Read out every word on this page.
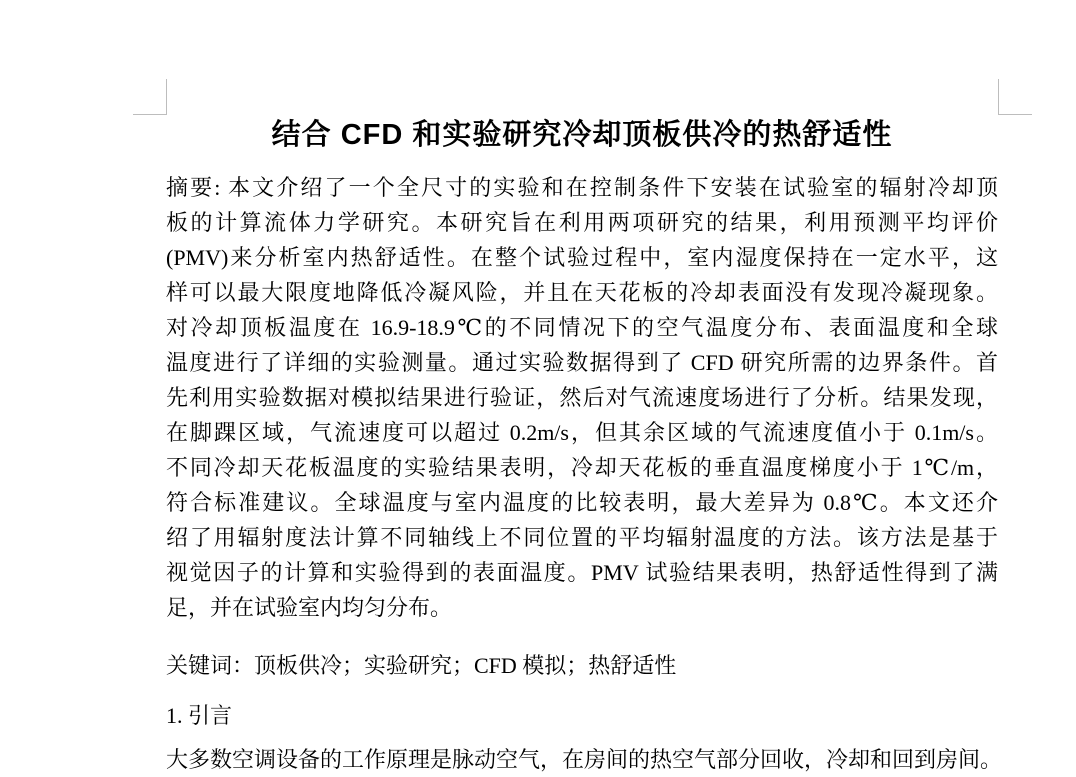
结合 CFD 和实验研究冷却顶板供冷的热舒适性
摘要: 本文介绍了一个全尺寸的实验和在控制条件下安装在试验室的辐射冷却顶
板的计算流体力学研究。本研究旨在利用两项研究的结果，利用预测平均评价
(PMV)来分析室内热舒适性。在整个试验过程中，室内湿度保持在一定水平，这
样可以最大限度地降低冷凝风险，并且在天花板的冷却表面没有发现冷凝现象。
对冷却顶板温度在 16.9-18.9℃的不同情况下的空气温度分布、表面温度和全球
温度进行了详细的实验测量。通过实验数据得到了 CFD 研究所需的边界条件。首
先利用实验数据对模拟结果进行验证，然后对气流速度场进行了分析。结果发现，
在脚踝区域，气流速度可以超过 0.2m/s，但其余区域的气流速度值小于 0.1m/s。
不同冷却天花板温度的实验结果表明，冷却天花板的垂直温度梯度小于 1℃/m，
符合标准建议。全球温度与室内温度的比较表明，最大差异为 0.8℃。本文还介
绍了用辐射度法计算不同轴线上不同位置的平均辐射温度的方法。该方法是基于
视觉因子的计算和实验得到的表面温度。PMV 试验结果表明，热舒适性得到了满
足，并在试验室内均匀分布。
关键词：顶板供冷；实验研究；CFD 模拟；热舒适性
1. 引言
大多数空调设备的工作原理是脉动空气，在房间的热空气部分回收，冷却和回到房间。
